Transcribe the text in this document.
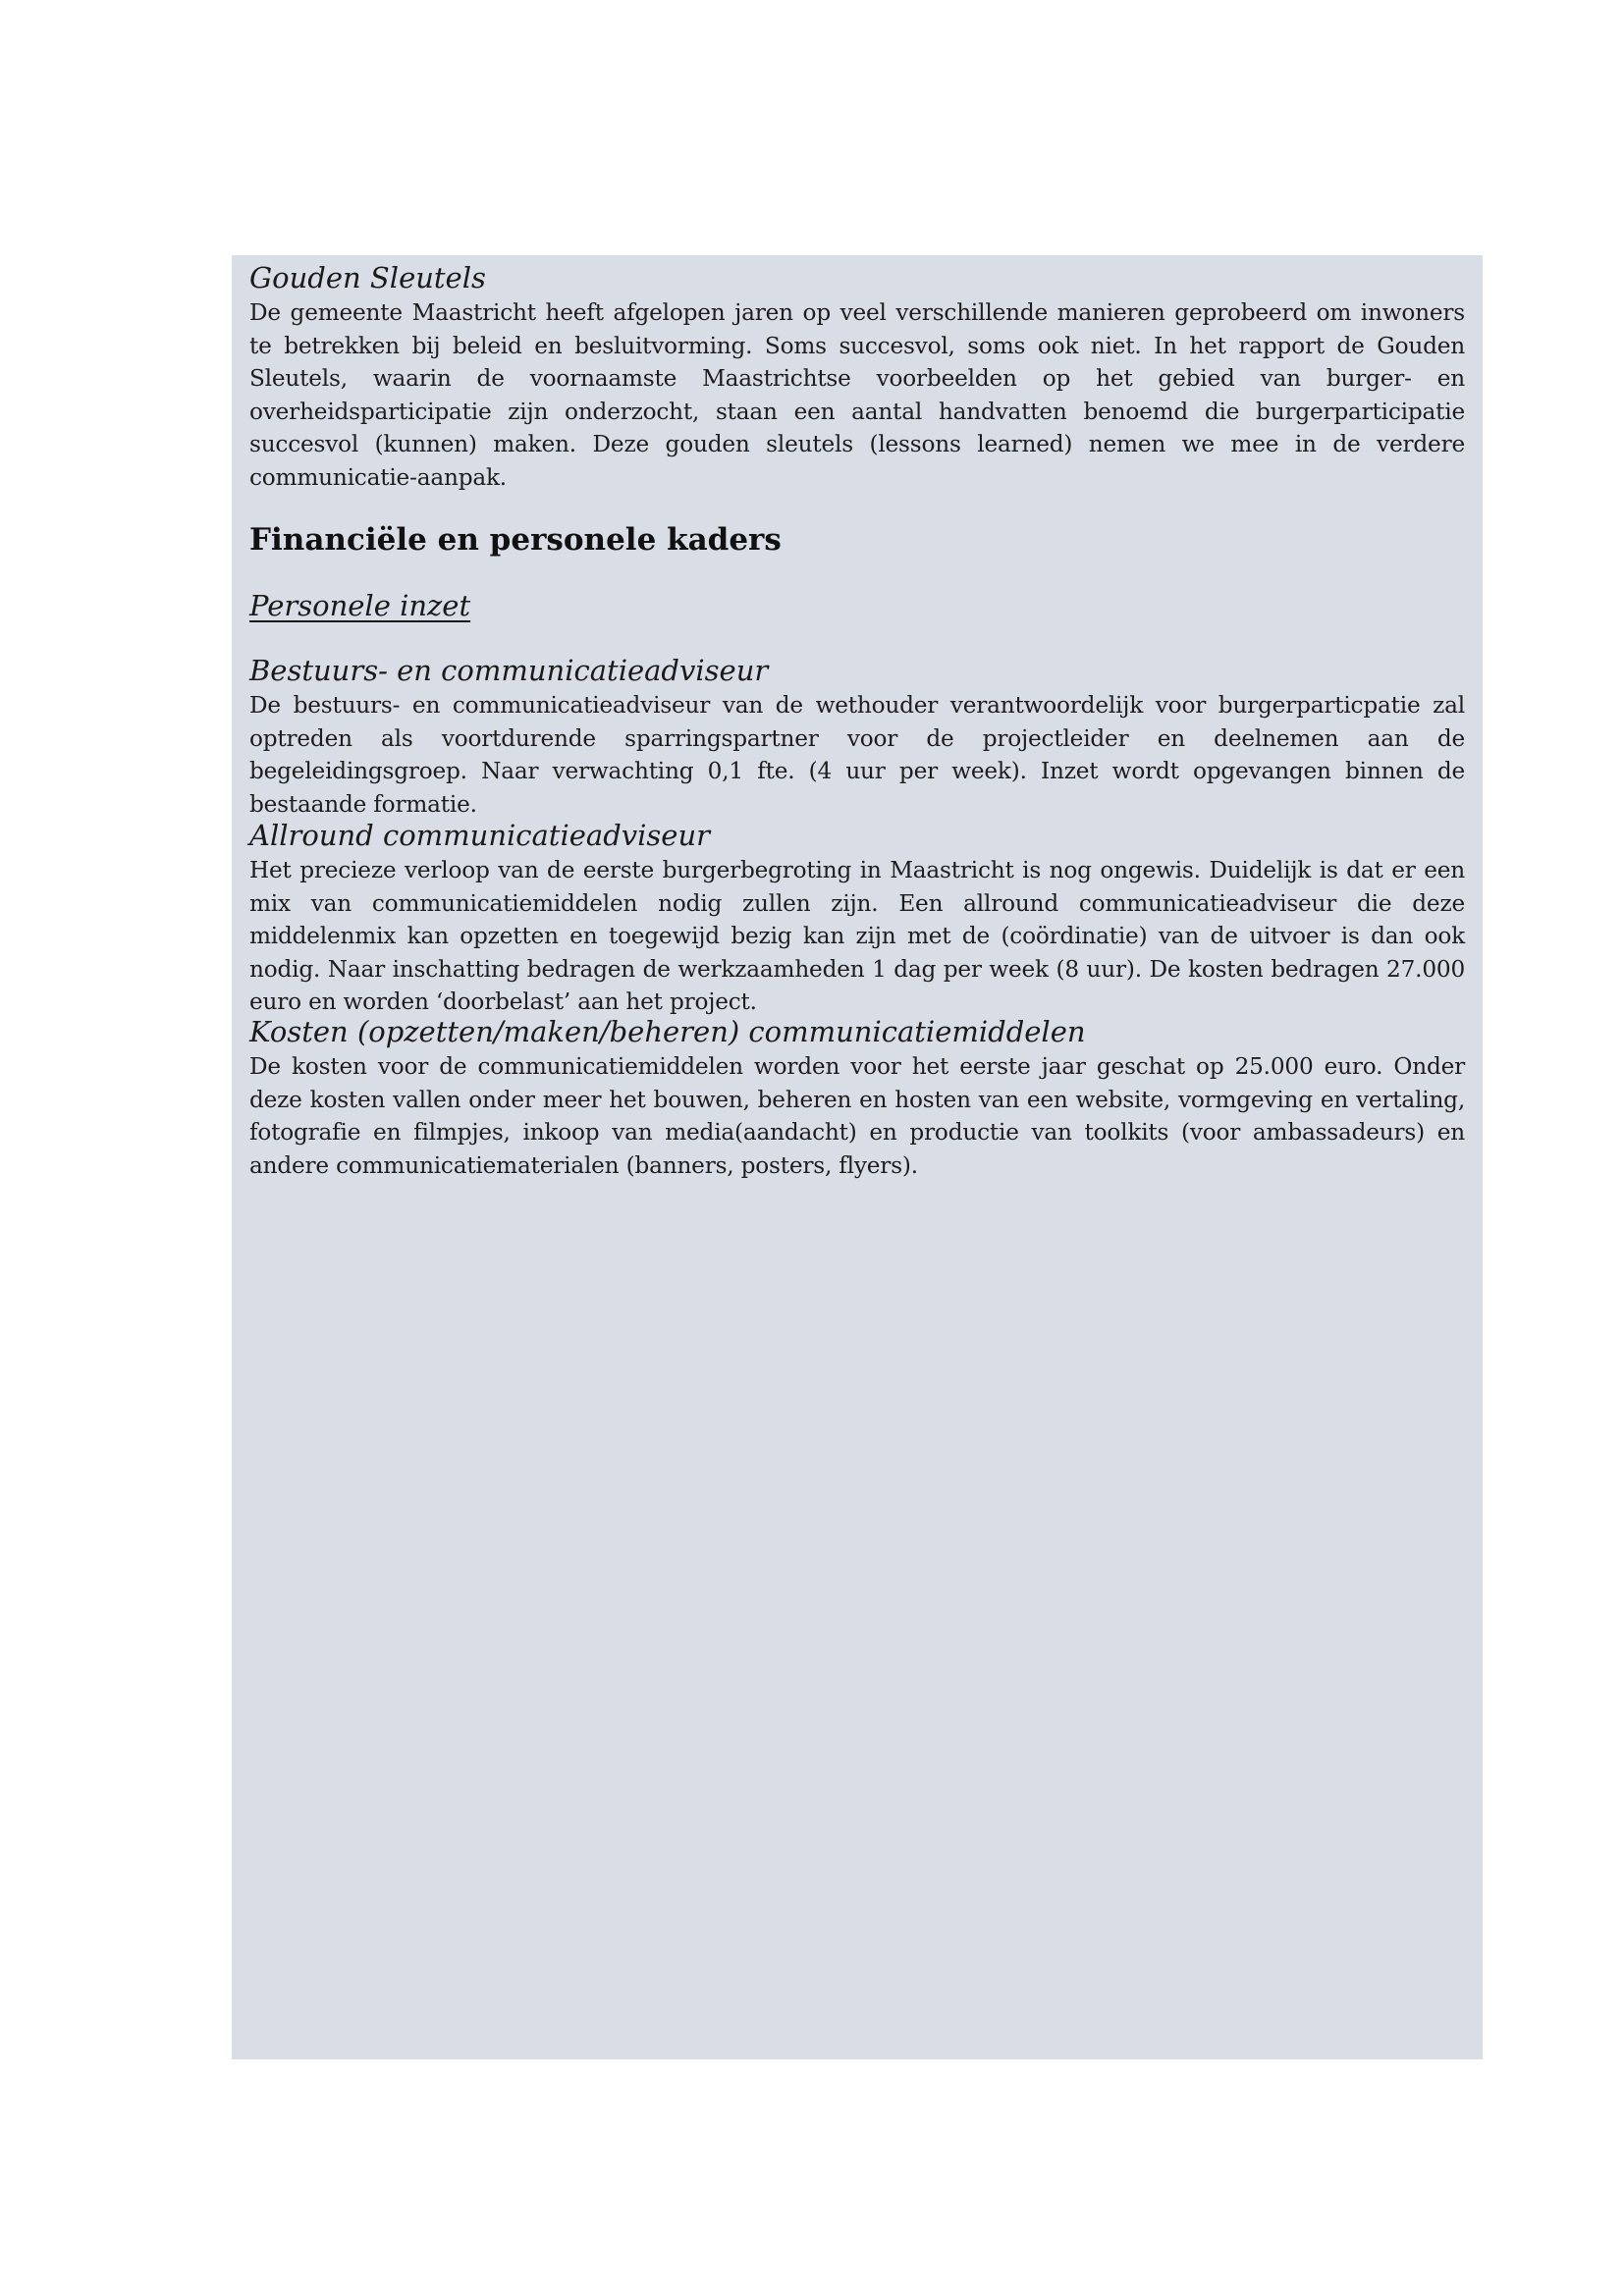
Gouden Sleutels

De gemeente Maastricht heeft afgelopen jaren op veel verschillende manieren geprobeerd om inwoners te betrekken bij beleid en besluitvorming. Soms succesvol, soms ook niet. In het rapport de Gouden Sleutels, waarin de voornaamste Maastrichtse voorbeelden op het gebied van burger- en overheidsparticipatie zijn onderzocht, staan een aantal handvatten benoemd die burgerparticipatie succesvol (kunnen) maken. Deze gouden sleutels (lessons learned) nemen we mee in de verdere communicatie-aanpak.

Financiële en personele kaders
Personele inzet
Bestuurs- en communicatieadviseur

De bestuurs- en communicatieadviseur van de wethouder verantwoordelijk voor burgerparticpatie zal optreden als voortdurende sparringspartner voor de projectleider en deelnemen aan de begeleidingsgroep. Naar verwachting 0,1 fte. (4 uur per week). Inzet wordt opgevangen binnen de bestaande formatie.

Allround communicatieadviseur

Het precieze verloop van de eerste burgerbegroting in Maastricht is nog ongewis. Duidelijk is dat er een mix van communicatiemiddelen nodig zullen zijn. Een allround communicatieadviseur die deze middelenmix kan opzetten en toegewijd bezig kan zijn met de (coördinatie) van de uitvoer is dan ook nodig. Naar inschatting bedragen de werkzaamheden 1 dag per week (8 uur). De kosten bedragen 27.000 euro en worden ‘doorbelast’ aan het project.

Kosten (opzetten/maken/beheren) communicatiemiddelen

De kosten voor de communicatiemiddelen worden voor het eerste jaar geschat op 25.000 euro. Onder deze kosten vallen onder meer het bouwen, beheren en hosten van een website, vormgeving en vertaling, fotografie en filmpjes, inkoop van media(aandacht) en productie van toolkits (voor ambassadeurs) en andere communicatiematerialen (banners, posters, flyers).
